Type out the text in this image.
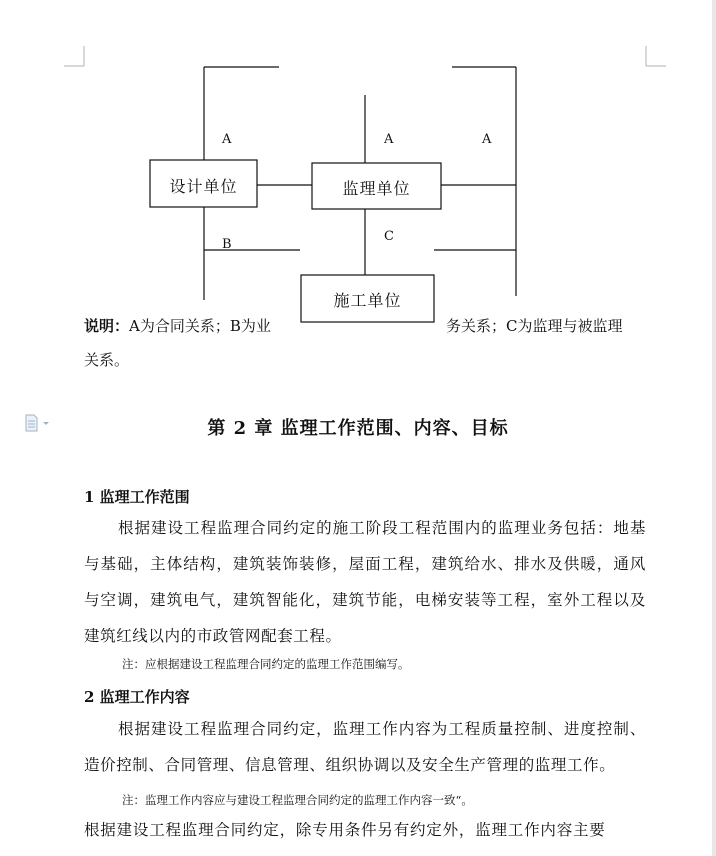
设计单位	监理单位
施工单位
A	A	A
B
C
说明：A为合同关系；B为业	务关系；C为监理与被监理
关系。
第 2 章 监理工作范围、内容、目标
1 监理工作范围
根据建设工程监理合同约定的施工阶段工程范围内的监理业务包括：地基与基础，主体结构，建筑装饰装修，屋面工程，建筑给水、排水及供暖，通风与空调，建筑电气，建筑智能化，建筑节能，电梯安装等工程，室外工程以及建筑红线以内的市政管网配套工程。
注：应根据建设工程监理合同约定的监理工作范围编写。
2 监理工作内容
根据建设工程监理合同约定，监理工作内容为工程质量控制、进度控制、造价控制、合同管理、信息管理、组织协调以及安全生产管理的监理工作。
注：监理工作内容应与建设工程监理合同约定的监理工作内容一致“。
根据建设工程监理合同约定，除专用条件另有约定外，监理工作内容主要
